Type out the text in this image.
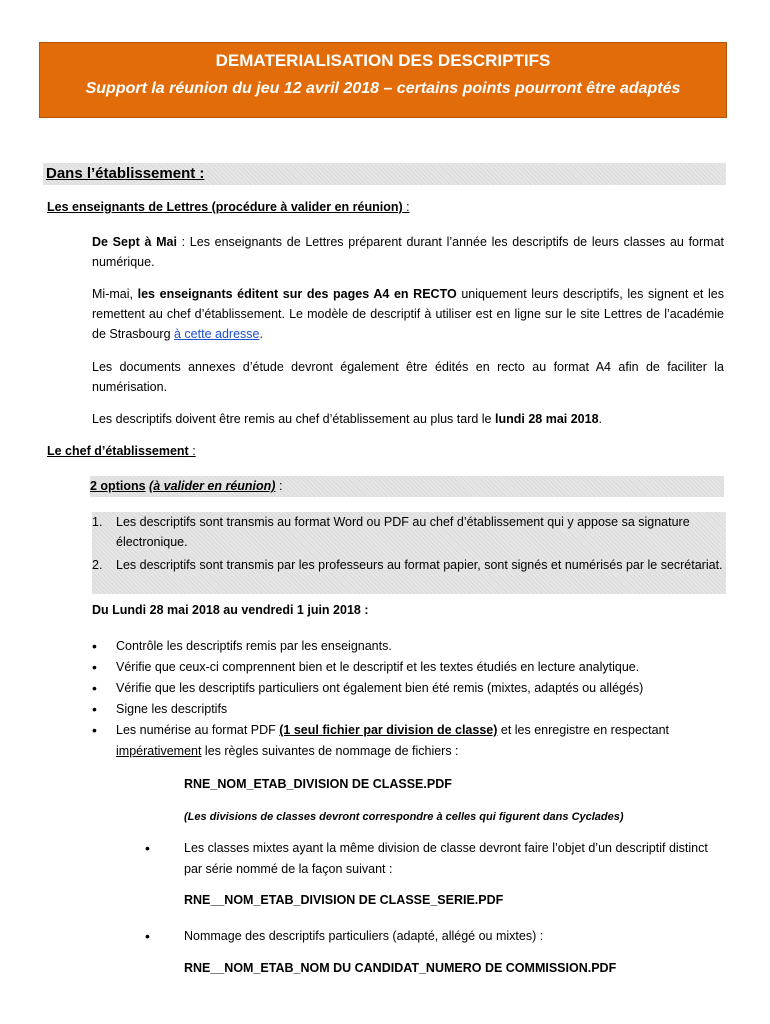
DEMATERIALISATION DES DESCRIPTIFS
Support la réunion du jeu 12 avril 2018 – certains points pourront être adaptés
Dans l’établissement :
Les enseignants de Lettres (procédure à valider en réunion) :
De Sept à Mai : Les enseignants de Lettres préparent durant l’année les descriptifs de leurs classes au format numérique.
Mi-mai, les enseignants éditent sur des pages A4 en RECTO uniquement leurs descriptifs, les signent et les remettent au chef d’établissement. Le modèle de descriptif à utiliser est en ligne sur le site Lettres de l’académie de Strasbourg à cette adresse.
Les documents annexes d’étude devront également être édités en recto au format A4 afin de faciliter la numérisation.
Les descriptifs doivent être remis au chef d’établissement au plus tard le lundi 28 mai 2018.
Le chef d’établissement :
2 options (à valider en réunion) :
1.	Les descriptifs sont transmis au format Word ou PDF au chef d’établissement qui y appose sa signature électronique.
2.	Les descriptifs sont transmis par les professeurs au format papier, sont signés et numérisés par le secrétariat.
Du Lundi 28 mai 2018 au vendredi 1 juin 2018 :
•	Contrôle les descriptifs remis par les enseignants.
•	Vérifie que ceux-ci comprennent bien et le descriptif et les textes étudiés en lecture analytique.
•	Vérifie que les descriptifs particuliers ont également bien été remis (mixtes, adaptés ou allégés)
•	Signe les descriptifs
•	Les numérise au format PDF (1 seul fichier par division de classe) et les enregistre en respectant impérativement les règles suivantes de nommage de fichiers :
RNE_NOM_ETAB_DIVISION DE CLASSE.PDF
(Les divisions de classes devront correspondre à celles qui figurent dans Cyclades)
•	Les classes mixtes ayant la même division de classe devront faire l’objet d’un descriptif distinct par série nommé de la façon suivant :
RNE__NOM_ETAB_DIVISION DE CLASSE_SERIE.PDF
•	Nommage des descriptifs particuliers (adapté, allégé ou mixtes) :
RNE__NOM_ETAB_NOM DU CANDIDAT_NUMERO DE COMMISSION.PDF
